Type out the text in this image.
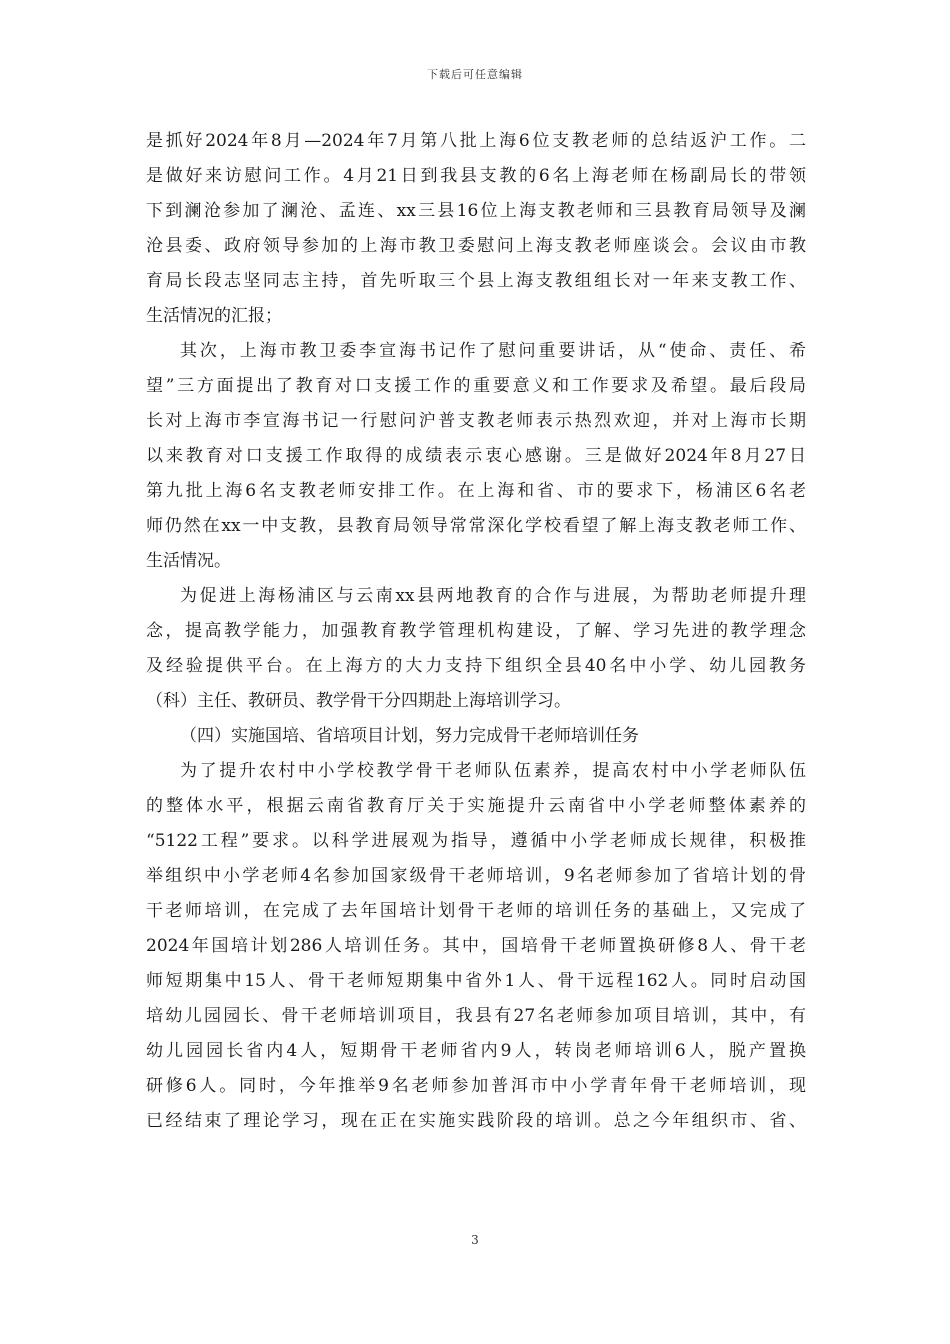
下载后可任意编辑
是抓好2024年8月—2024年7月第八批上海6位支教老师的总结返沪工作。二
是做好来访慰问工作。4月21日到我县支教的6名上海老师在杨副局长的带领
下到澜沧参加了澜沧、孟连、xx三县16位上海支教老师和三县教育局领导及澜
沧县委、政府领导参加的上海市教卫委慰问上海支教老师座谈会。会议由市教
育局长段志坚同志主持，首先听取三个县上海支教组组长对一年来支教工作、
生活情况的汇报；
其次，上海市教卫委李宣海书记作了慰问重要讲话，从“使命、责任、希
望”三方面提出了教育对口支援工作的重要意义和工作要求及希望。最后段局
长对上海市李宣海书记一行慰问沪普支教老师表示热烈欢迎，并对上海市长期
以来教育对口支援工作取得的成绩表示衷心感谢。三是做好2024年8月27日
第九批上海6名支教老师安排工作。在上海和省、市的要求下，杨浦区6名老
师仍然在xx一中支教，县教育局领导常常深化学校看望了解上海支教老师工作、
生活情况。
为促进上海杨浦区与云南xx县两地教育的合作与进展，为帮助老师提升理
念，提高教学能力，加强教育教学管理机构建设，了解、学习先进的教学理念
及经验提供平台。在上海方的大力支持下组织全县40名中小学、幼儿园教务
（科）主任、教研员、教学骨干分四期赴上海培训学习。
（四）实施国培、省培项目计划，努力完成骨干老师培训任务
为了提升农村中小学校教学骨干老师队伍素养，提高农村中小学老师队伍
的整体水平，根据云南省教育厅关于实施提升云南省中小学老师整体素养的
“5122工程”要求。以科学进展观为指导，遵循中小学老师成长规律，积极推
举组织中小学老师4名参加国家级骨干老师培训，9名老师参加了省培计划的骨
干老师培训，在完成了去年国培计划骨干老师的培训任务的基础上，又完成了
2024年国培计划286人培训任务。其中，国培骨干老师置换研修8人、骨干老
师短期集中15人、骨干老师短期集中省外1人、骨干远程162人。同时启动国
培幼儿园园长、骨干老师培训项目，我县有27名老师参加项目培训，其中，有
幼儿园园长省内4人，短期骨干老师省内9人，转岗老师培训6人，脱产置换
研修6人。同时，今年推举9名老师参加普洱市中小学青年骨干老师培训，现
已经结束了理论学习，现在正在实施实践阶段的培训。总之今年组织市、省、
3
